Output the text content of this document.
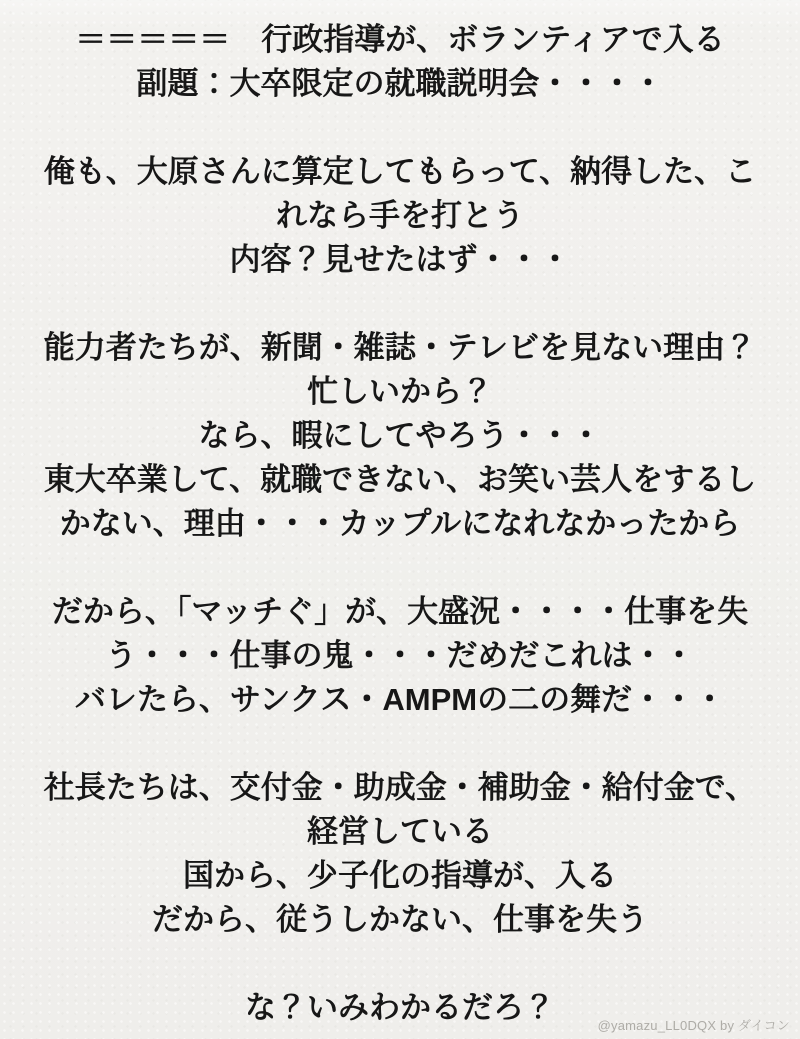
＝＝＝＝＝　行政指導が、ボランティアで入る
副題：大卒限定の就職説明会・・・・
俺も、大原さんに算定してもらって、納得した、こ
れなら手を打とう
内容？見せたはず・・・
能力者たちが、新聞・雑誌・テレビを見ない理由？
忙しいから？
なら、暇にしてやろう・・・
東大卒業して、就職できない、お笑い芸人をするし
かない、理由・・・カップルになれなかったから
だから、「マッチぐ」が、大盛況・・・・仕事を失
う・・・仕事の鬼・・・だめだこれは・・
バレたら、サンクス・AMPMの二の舞だ・・・
社長たちは、交付金・助成金・補助金・給付金で、
経営している
国から、少子化の指導が、入る
だから、従うしかない、仕事を失う
な？いみわかるだろ？
@yamazu_LL0DQX by ダイコン
